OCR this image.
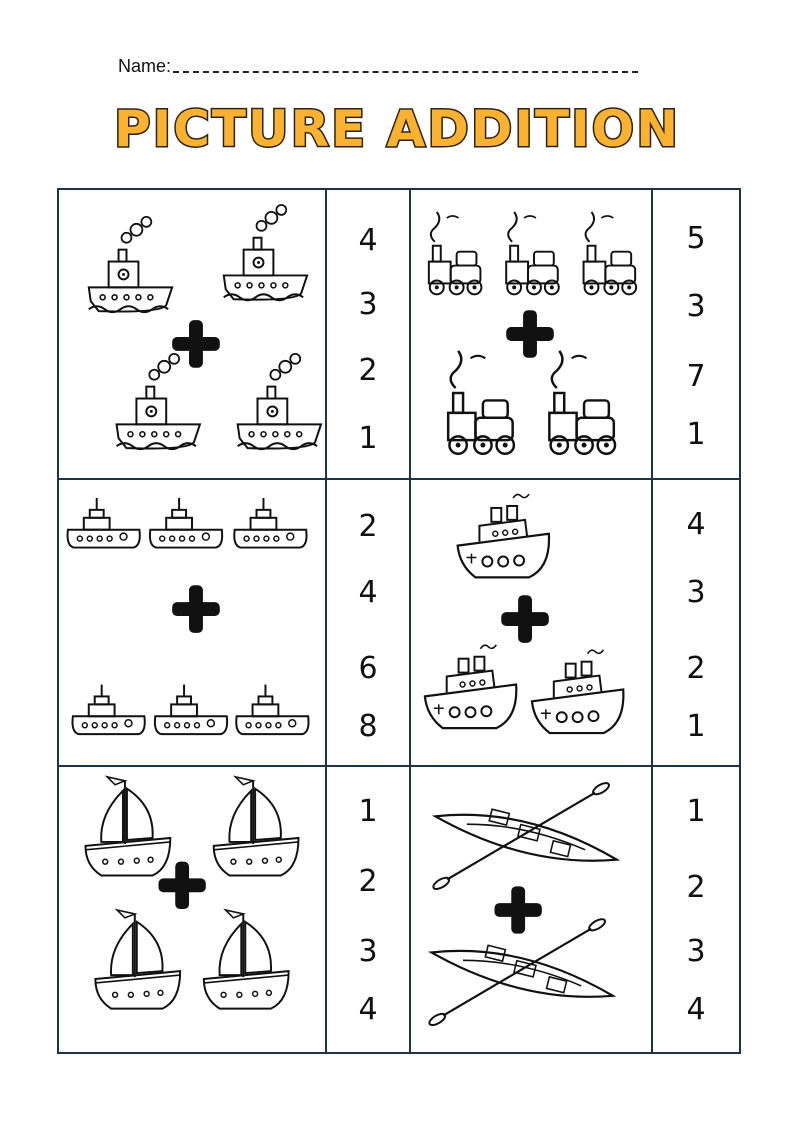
Name:
PICTURE ADDITION
4
3
2
1
5
3
7
1
2
4
6
8
4
3
2
1
1
2
3
4
1
2
3
4
